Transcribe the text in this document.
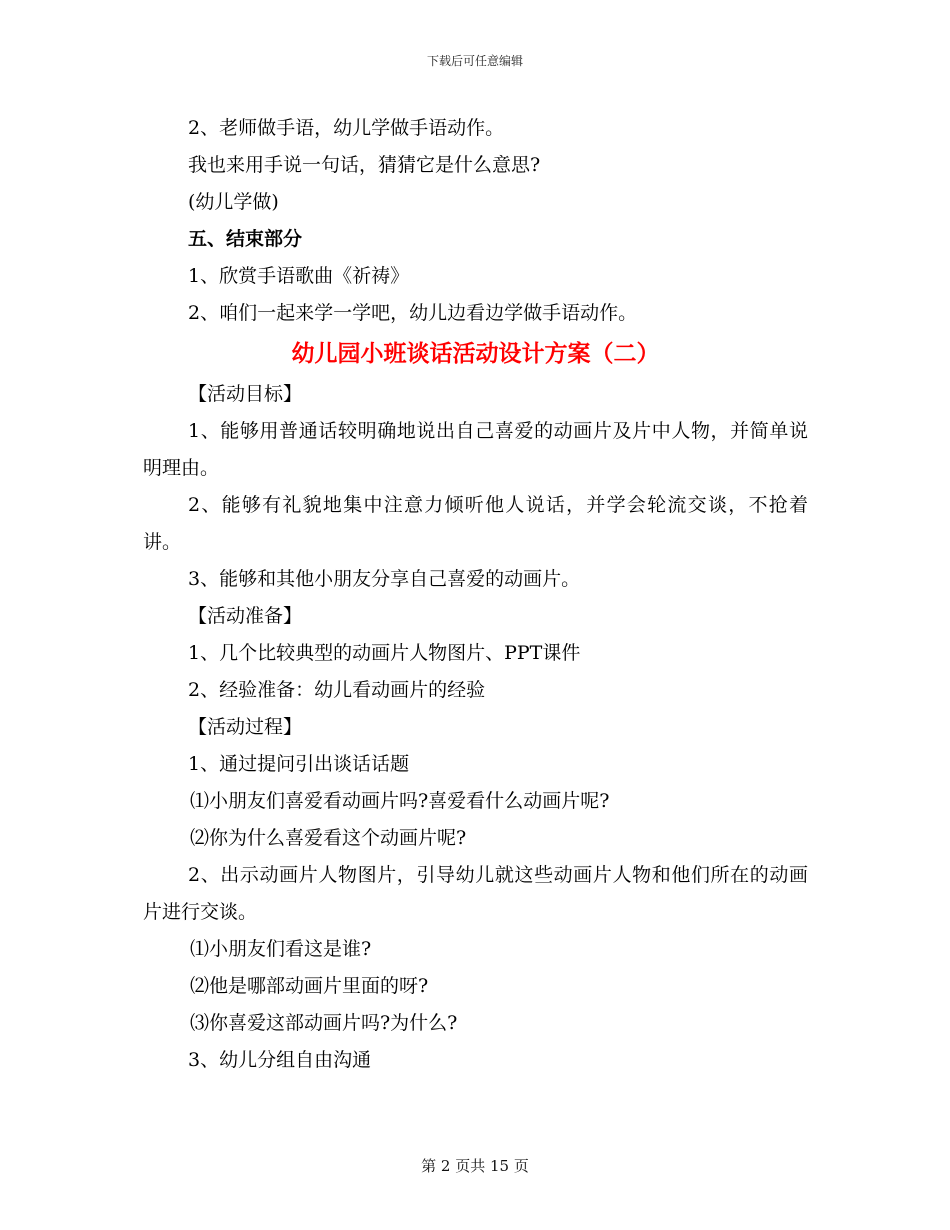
下载后可任意编辑
2、老师做手语，幼儿学做手语动作。
我也来用手说一句话，猜猜它是什么意思?
(幼儿学做)
五、结束部分
1、欣赏手语歌曲《祈祷》
2、咱们一起来学一学吧，幼儿边看边学做手语动作。
幼儿园小班谈话活动设计方案（二）
【活动目标】
1、能够用普通话较明确地说出自己喜爱的动画片及片中人物，并简单说明理由。
2、能够有礼貌地集中注意力倾听他人说话，并学会轮流交谈，不抢着讲。
3、能够和其他小朋友分享自己喜爱的动画片。
【活动准备】
1、几个比较典型的动画片人物图片、PPT课件
2、经验准备：幼儿看动画片的经验
【活动过程】
1、通过提问引出谈话话题
⑴小朋友们喜爱看动画片吗?喜爱看什么动画片呢?
⑵你为什么喜爱看这个动画片呢?
2、出示动画片人物图片，引导幼儿就这些动画片人物和他们所在的动画片进行交谈。
⑴小朋友们看这是谁?
⑵他是哪部动画片里面的呀?
⑶你喜爱这部动画片吗?为什么?
3、幼儿分组自由沟通
第 2 页共 15 页
